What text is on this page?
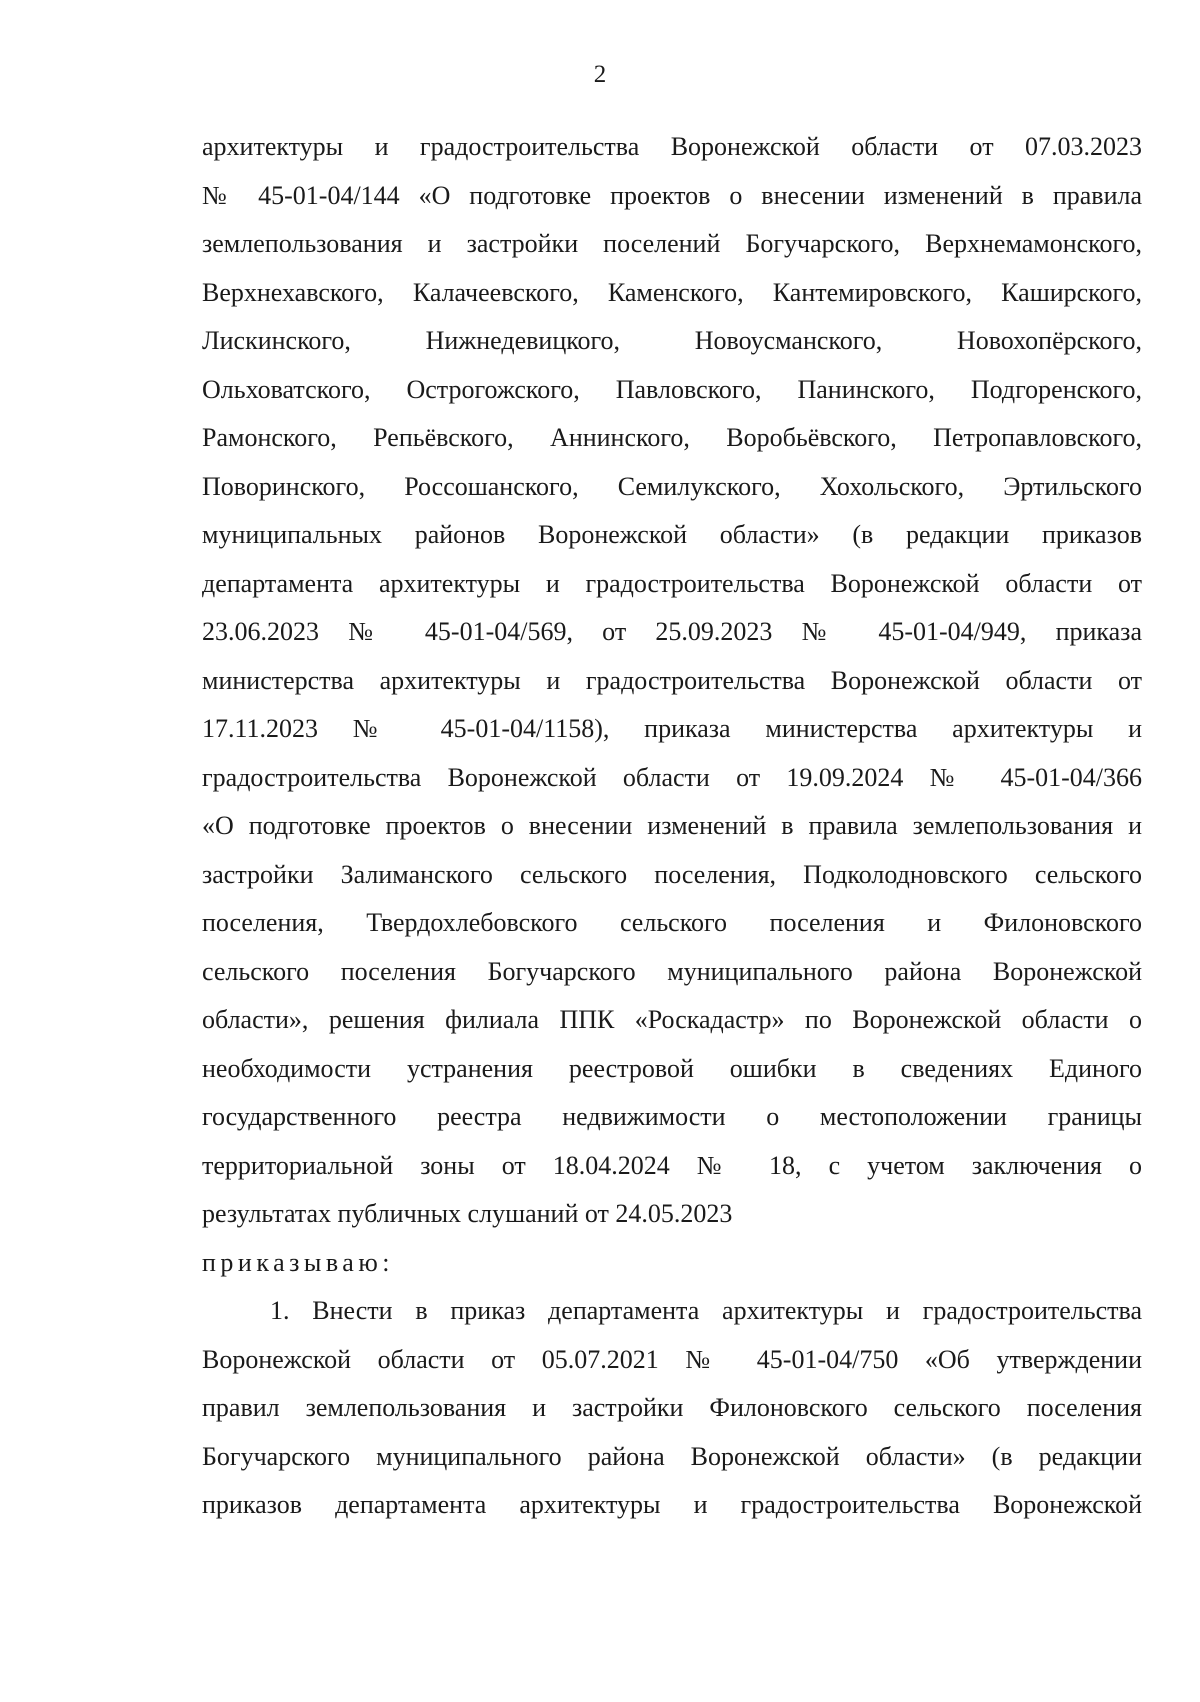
2
архитектуры и градостроительства Воронежской области от 07.03.2023
№ 45-01-04/144 «О подготовке проектов о внесении изменений в правила
землепользования и застройки поселений Богучарского, Верхнемамонского,
Верхнехавского, Калачеевского, Каменского, Кантемировского, Каширского,
Лискинского, Нижнедевицкого, Новоусманского, Новохопёрского,
Ольховатского, Острогожского, Павловского, Панинского, Подгоренского,
Рамонского, Репьёвского, Аннинского, Воробьёвского, Петропавловского,
Поворинского, Россошанского, Семилукского, Хохольского, Эртильского
муниципальных районов Воронежской области» (в редакции приказов
департамента архитектуры и градостроительства Воронежской области от
23.06.2023 № 45-01-04/569, от 25.09.2023 № 45-01-04/949, приказа
министерства архитектуры и градостроительства Воронежской области от
17.11.2023 № 45-01-04/1158), приказа министерства архитектуры и
градостроительства Воронежской области от 19.09.2024 № 45-01-04/366
«О подготовке проектов о внесении изменений в правила землепользования и
застройки Залиманского сельского поселения, Подколодновского сельского
поселения, Твердохлебовского сельского поселения и Филоновского
сельского поселения Богучарского муниципального района Воронежской
области», решения филиала ППК «Роскадастр» по Воронежской области о
необходимости устранения реестровой ошибки в сведениях Единого
государственного реестра недвижимости о местоположении границы
территориальной зоны от 18.04.2024 № 18, с учетом заключения о
результатах публичных слушаний от 24.05.2023
приказываю:
1. Внести в приказ департамента архитектуры и градостроительства
Воронежской области от 05.07.2021 № 45-01-04/750 «Об утверждении
правил землепользования и застройки Филоновского сельского поселения
Богучарского муниципального района Воронежской области» (в редакции
приказов департамента архитектуры и градостроительства Воронежской
